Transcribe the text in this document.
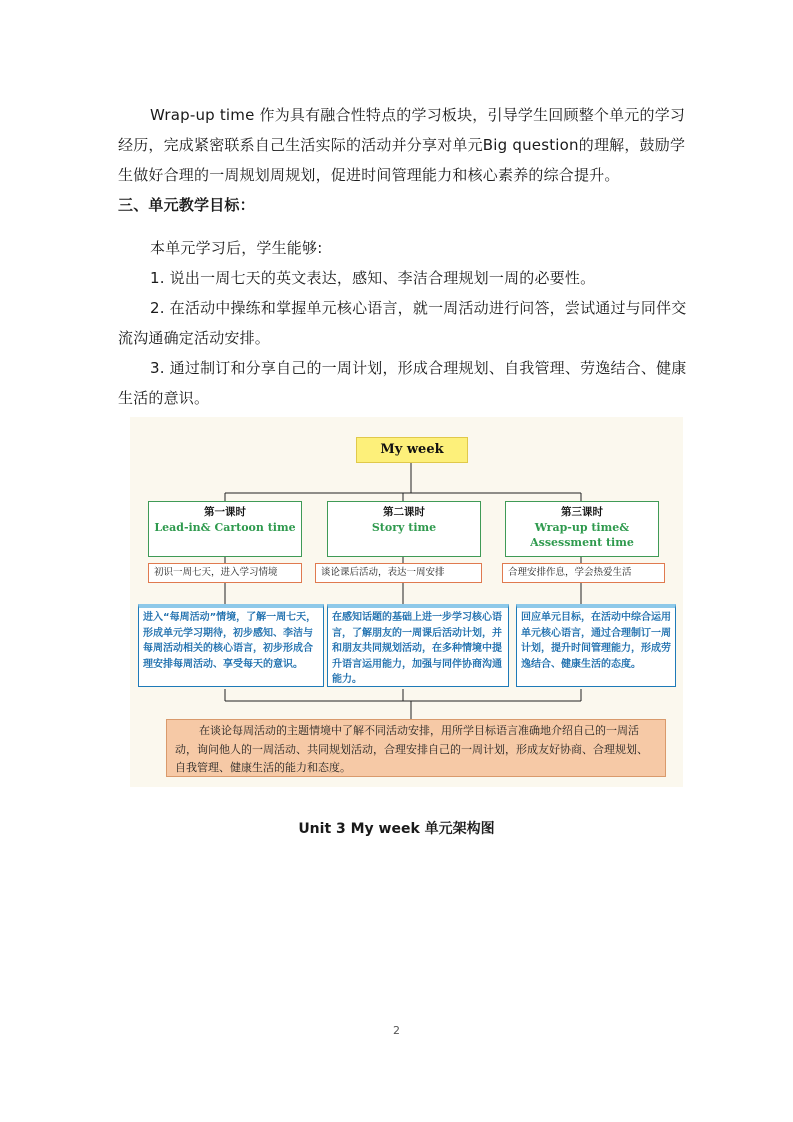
Wrap-up time 作为具有融合性特点的学习板块，引导学生回顾整个单元的学习经历，完成紧密联系自己生活实际的活动并分享对单元Big question的理解，鼓励学生做好合理的一周规划周规划，促进时间管理能力和核心素养的综合提升。

三、单元教学目标：

本单元学习后，学生能够:

1. 说出一周七天的英文表达，感知、李洁合理规划一周的必要性。

2. 在活动中操练和掌握单元核心语言，就一周活动进行问答，尝试通过与同伴交流沟通确定活动安排。

3. 通过制订和分享自己的一周计划，形成合理规划、自我管理、劳逸结合、健康生活的意识。

My week
第一课时
Lead-in& Cartoon time
第二课时
Story time
第三课时
Wrap-up time& Assessment time
初识一周七天，进入学习情境	谈论课后活动，表达一周安排	合理安排作息，学会热爱生活
进入“每周活动”情境，了解一周七天，形成单元学习期待，初步感知、李洁与每周活动相关的核心语言，初步形成合理安排每周活动、享受每天的意识。
在感知话题的基础上进一步学习核心语言，了解朋友的一周课后活动计划，并和朋友共同规划活动，在多种情境中提升语言运用能力，加强与同伴协商沟通能力。
回应单元目标，在活动中综合运用单元核心语言，通过合理制订一周计划，提升时间管理能力，形成劳逸结合、健康生活的态度。
在谈论每周活动的主题情境中了解不同活动安排，用所学目标语言准确地介绍自己的一周活动，询问他人的一周活动、共同规划活动，合理安排自己的一周计划，形成友好协商、合理规划、自我管理、健康生活的能力和态度。
Unit 3 My week 单元架构图
2
